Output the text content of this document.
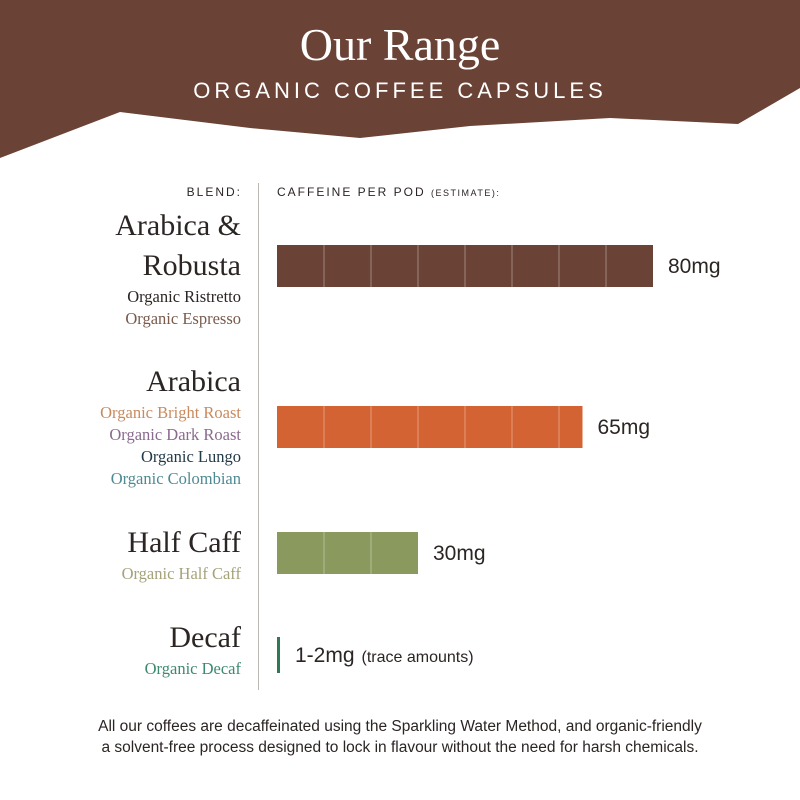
Our Range
ORGANIC COFFEE CAPSULES
BLEND:	CAFFEINE PER POD (ESTIMATE):
Arabica &
Robusta
Organic Ristretto
Organic Espresso
Arabica
Organic Bright Roast
Organic Dark Roast
Organic Lungo
Organic Colombian
Half Caff
Organic Half Caff
Decaf
Organic Decaf
80mg
65mg
30mg
1-2mg (trace amounts)
All our coffees are decaffeinated using the Sparkling Water Method, and organic-friendly
a solvent-free process designed to lock in flavour without the need for harsh chemicals.
